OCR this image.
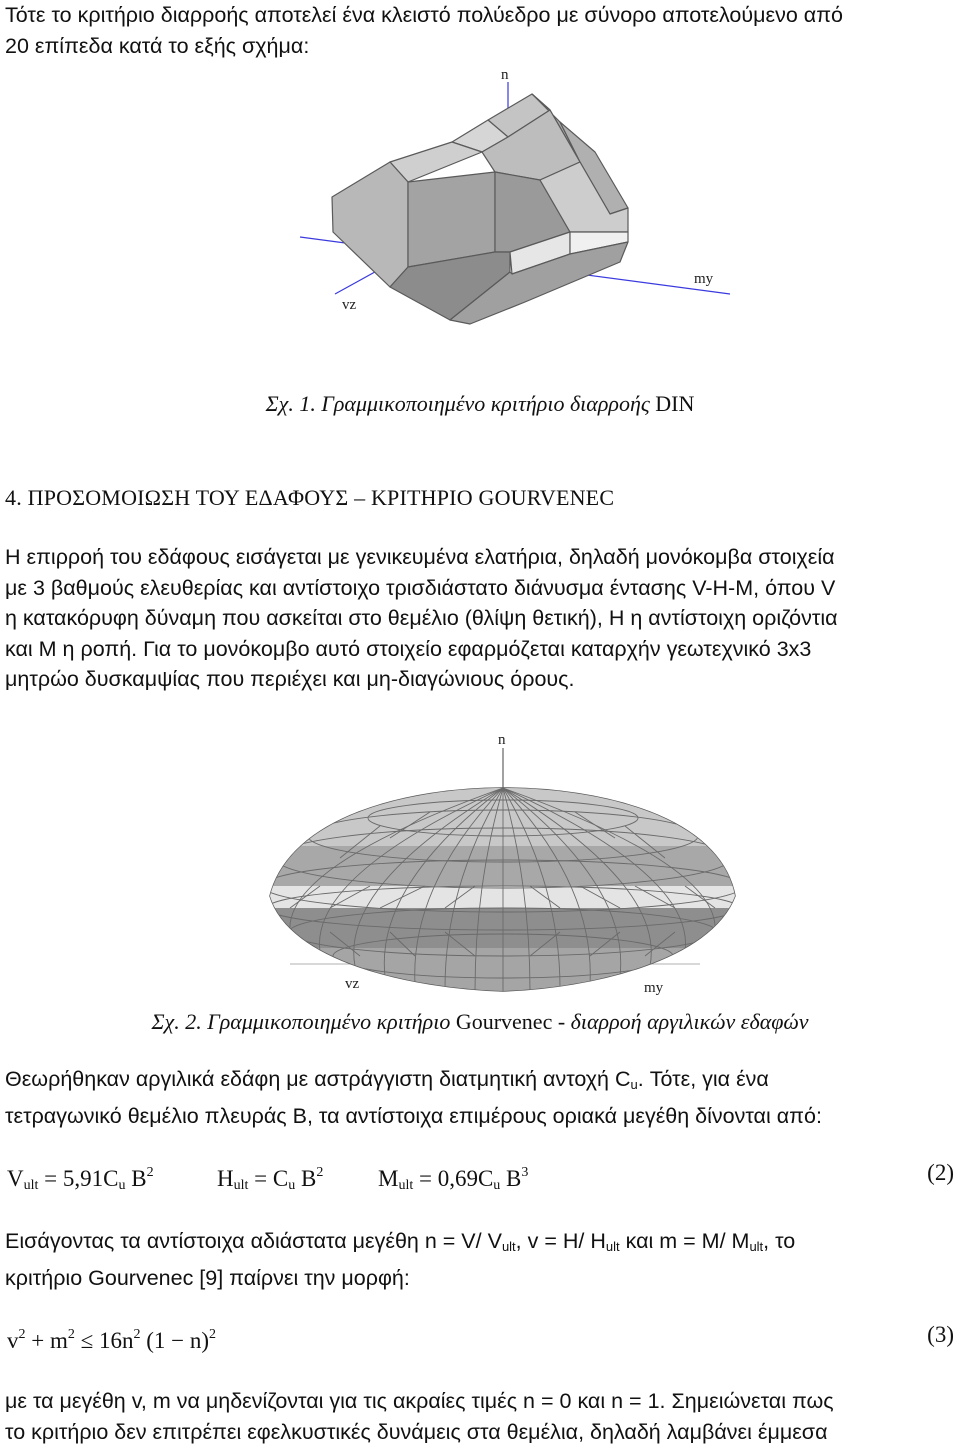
Τότε το κριτήριο διαρροής αποτελεί ένα κλειστό πολύεδρο με σύνορο αποτελούμενο από
20 επίπεδα κατά το εξής σχήμα:

n
vz
my
Σχ. 1. Γραμμικοποιημένο κριτήριο διαρροής DIN
4. ΠΡΟΣΟΜΟΙΩΣΗ ΤΟΥ ΕΔΑΦΟΥΣ – ΚΡΙΤΗΡΙΟ GOURVENEC

Η επιρροή του εδάφους εισάγεται με γενικευμένα ελατήρια, δηλαδή μονόκομβα στοιχεία
με 3 βαθμούς ελευθερίας και αντίστοιχο τρισδιάστατο διάνυσμα έντασης V-H-M, όπου V
η κατακόρυφη δύναμη που ασκείται στο θεμέλιο (θλίψη θετική), H η αντίστοιχη οριζόντια
και M η ροπή. Για το μονόκομβο αυτό στοιχείο εφαρμόζεται καταρχήν γεωτεχνικό 3x3
μητρώο δυσκαμψίας που περιέχει και μη-διαγώνιους όρους.

n
vz	my
Σχ. 2. Γραμμικοποιημένο κριτήριο Gourvenec - διαρροή αργιλικών εδαφών

Θεωρήθηκαν αργιλικά εδάφη με αστράγγιστη διατμητική αντοχή $C_u$. Τότε, για ένα
τετραγωνικό θεμέλιο πλευράς Β, τα αντίστοιχα επιμέρους οριακά μεγέθη δίνονται από:

$V_{ult} = 5,91C_u$ $B^2$	$H_{ult} = C_u$ $B^2$ $M_{ult} = 0,69C_u$ $B^3$	(2)

Εισάγοντας τα αντίστοιχα αδιάστατα μεγέθη n = V/ $V_{ult}$, v = H/ $H_{ult}$ και m = M/ $M_{ult}$, το
κριτήριο Gourvenec [9] παίρνει την μορφή:

$v^2 + m^2 \le 16n^2$ $(1 - n)^2$	(3)

με τα μεγέθη v, m να μηδενίζονται για τις ακραίες τιμές n = 0 και n = 1. Σημειώνεται πως
το κριτήριο δεν επιτρέπει εφελκυστικές δυνάμεις στα θεμέλια, δηλαδή λαμβάνει έμμεσα
